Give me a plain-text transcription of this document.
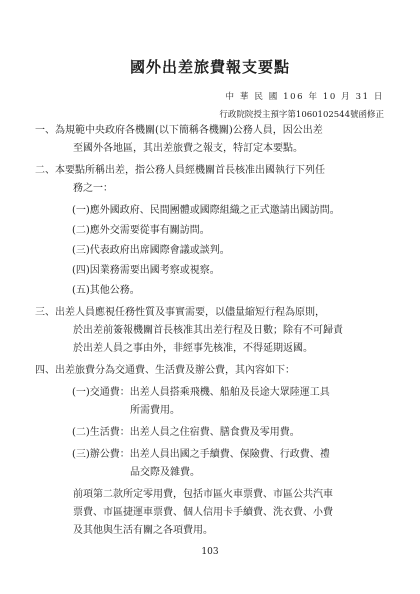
國外出差旅費報支要點
中 華 民 國 106 年 10 月 31 日
行政院院授主預字第1060102544號函修正
一、為規範中央政府各機關(以下簡稱各機關)公務人員，因公出差
至國外各地區，其出差旅費之報支，特訂定本要點。
二、本要點所稱出差，指公務人員經機關首長核准出國執行下列任
務之一：
(一)應外國政府、民間團體或國際組織之正式邀請出國訪問。
(二)應外交需要從事有關訪問。
(三)代表政府出席國際會議或談判。
(四)因業務需要出國考察或視察。
(五)其他公務。
三、出差人員應視任務性質及事實需要，以儘量縮短行程為原則，
於出差前簽報機關首長核准其出差行程及日數；除有不可歸責
於出差人員之事由外，非經事先核准，不得延期返國。
四、出差旅費分為交通費、生活費及辦公費，其內容如下：
(一)交通費：出差人員搭乘飛機、船舶及長途大眾陸運工具
所需費用。
(二)生活費：出差人員之住宿費、膳食費及零用費。
(三)辦公費：出差人員出國之手續費、保險費、行政費、禮
品交際及雜費。
前項第二款所定零用費，包括市區火車票費、市區公共汽車
票費、市區捷運車票費、個人信用卡手續費、洗衣費、小費
及其他與生活有關之各項費用。
103
